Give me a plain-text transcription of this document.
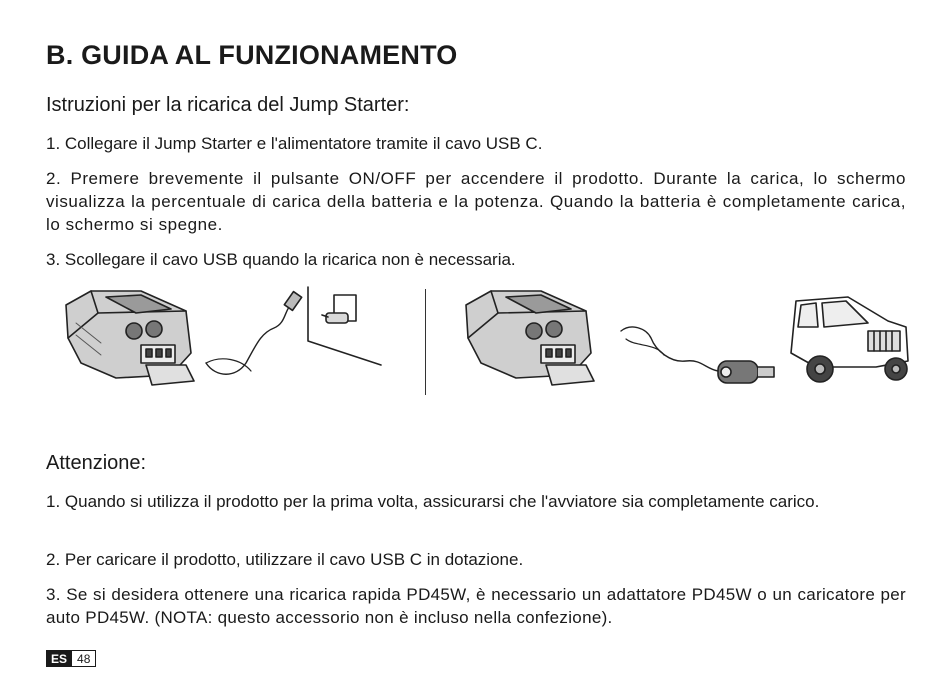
B. GUIDA AL FUNZIONAMENTO
Istruzioni per la ricarica del Jump Starter:
1. Collegare il Jump Starter e l'alimentatore tramite il cavo USB C.
2. Premere brevemente il pulsante ON/OFF per accendere il prodotto. Durante la carica, lo schermo visualizza la percentuale di carica della batteria e la potenza. Quando la batteria è completamente carica, lo schermo si spegne.
3. Scollegare il cavo USB quando la ricarica non è necessaria.
Attenzione:
1. Quando si utilizza il prodotto per la prima volta, assicurarsi che l'avviatore sia completamente carico.
2. Per caricare il prodotto, utilizzare il cavo USB C in dotazione.
3. Se si desidera ottenere una ricarica rapida PD45W, è necessario un adattatore PD45W o un caricatore per auto PD45W. (NOTA: questo accessorio non è incluso nella confezione).
ES 48
